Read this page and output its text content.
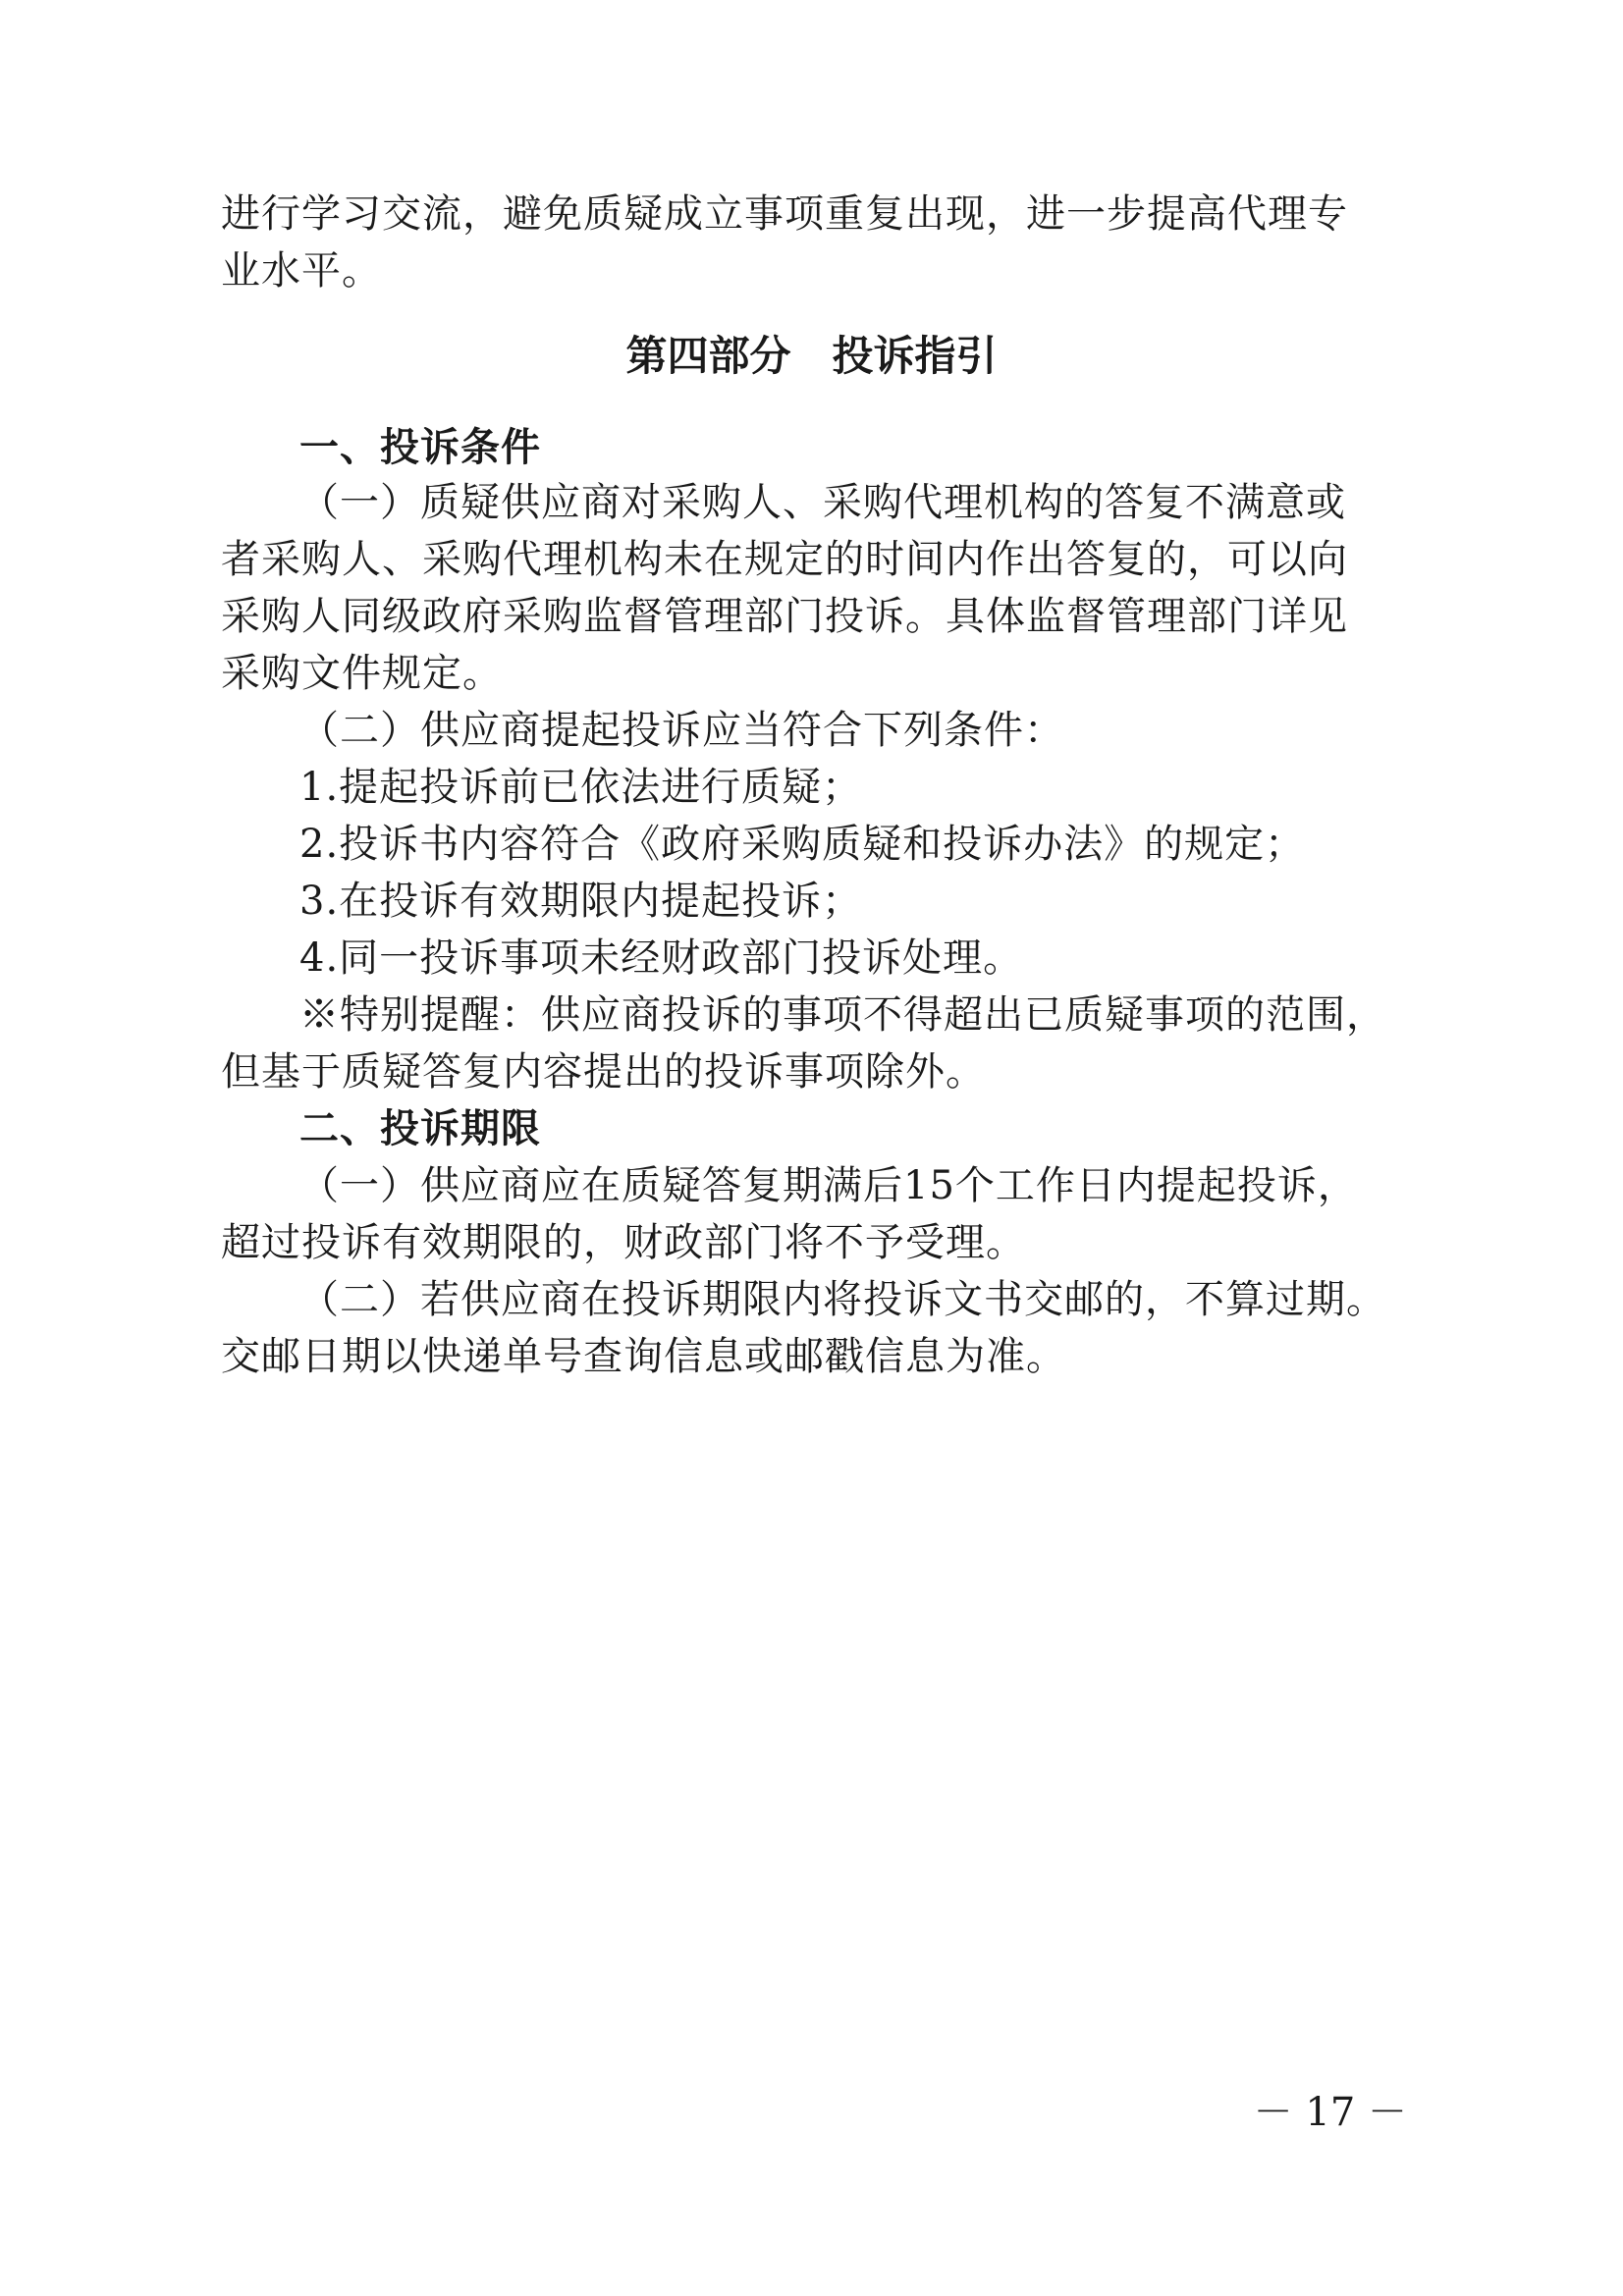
进行学习交流，避免质疑成立事项重复出现，进一步提高代理专
业水平。
第四部分　投诉指引
一、投诉条件
（一）质疑供应商对采购人、采购代理机构的答复不满意或
者采购人、采购代理机构未在规定的时间内作出答复的，可以向
采购人同级政府采购监督管理部门投诉。具体监督管理部门详见
采购文件规定。
（二）供应商提起投诉应当符合下列条件：
1.提起投诉前已依法进行质疑；
2.投诉书内容符合《政府采购质疑和投诉办法》的规定；
3.在投诉有效期限内提起投诉；
4.同一投诉事项未经财政部门投诉处理。
※特别提醒：供应商投诉的事项不得超出已质疑事项的范围，
但基于质疑答复内容提出的投诉事项除外。
二、投诉期限
（一）供应商应在质疑答复期满后15个工作日内提起投诉，
超过投诉有效期限的，财政部门将不予受理。
（二）若供应商在投诉期限内将投诉文书交邮的，不算过期。
交邮日期以快递单号查询信息或邮戳信息为准。
－ 17 －
